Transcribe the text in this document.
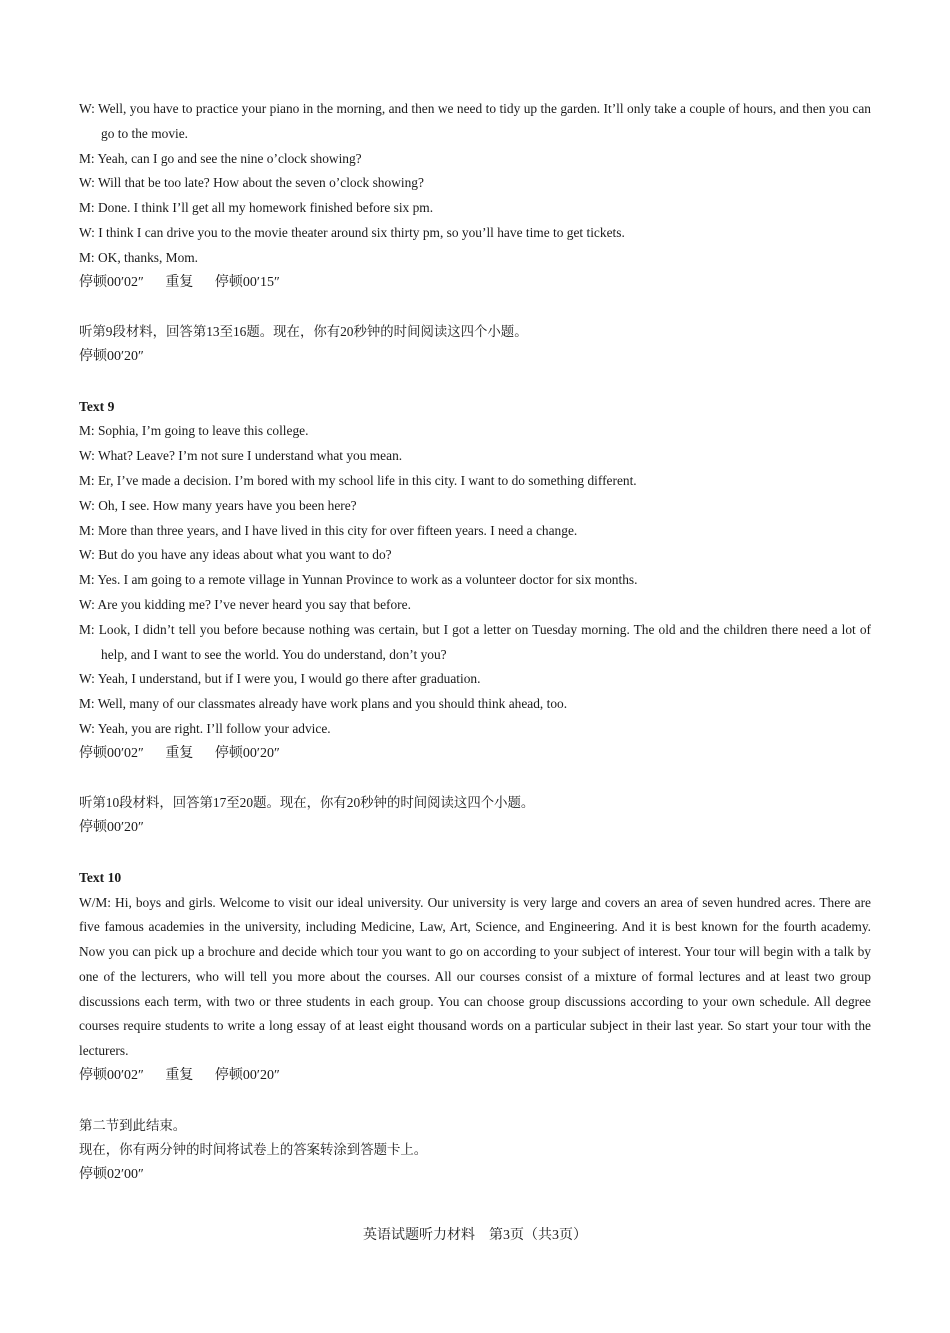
W: Well, you have to practice your piano in the morning, and then we need to tidy up the garden. It’ll only take a couple of hours, and then you can go to the movie.

M: Yeah, can I go and see the nine o’clock showing?

W: Will that be too late? How about the seven o’clock showing?

M: Done. I think I’ll get all my homework finished before six pm.

W: I think I can drive you to the movie theater around six thirty pm, so you’ll have time to get tickets.

M: OK, thanks, Mom.

停顿00′02″ 重复 停顿00′15″

听第9段材料，回答第13至16题。现在，你有20秒钟的时间阅读这四个小题。

停顿00′20″

Text 9

M: Sophia, I’m going to leave this college.

W: What? Leave? I’m not sure I understand what you mean.

M: Er, I’ve made a decision. I’m bored with my school life in this city. I want to do something different.

W: Oh, I see. How many years have you been here?

M: More than three years, and I have lived in this city for over fifteen years. I need a change.

W: But do you have any ideas about what you want to do?

M: Yes. I am going to a remote village in Yunnan Province to work as a volunteer doctor for six months.

W: Are you kidding me? I’ve never heard you say that before.

M: Look, I didn’t tell you before because nothing was certain, but I got a letter on Tuesday morning. The old and the children there need a lot of help, and I want to see the world. You do understand, don’t you?

W: Yeah, I understand, but if I were you, I would go there after graduation.

M: Well, many of our classmates already have work plans and you should think ahead, too.

W: Yeah, you are right. I’ll follow your advice.

停顿00′02″ 重复 停顿00′20″

听第10段材料，回答第17至20题。现在，你有20秒钟的时间阅读这四个小题。

停顿00′20″

Text 10

W/M: Hi, boys and girls. Welcome to visit our ideal university. Our university is very large and covers an area of seven hundred acres. There are five famous academies in the university, including Medicine, Law, Art, Science, and Engineering. And it is best known for the fourth academy. Now you can pick up a brochure and decide which tour you want to go on according to your subject of interest. Your tour will begin with a talk by one of the lecturers, who will tell you more about the courses. All our courses consist of a mixture of formal lectures and at least two group discussions each term, with two or three students in each group. You can choose group discussions according to your own schedule. All degree courses require students to write a long essay of at least eight thousand words on a particular subject in their last year. So start your tour with the lecturers.

停顿00′02″ 重复 停顿00′20″

第二节到此结束。

现在，你有两分钟的时间将试卷上的答案转涂到答题卡上。

停顿02′00″

英语试题听力材料　第3页（共3页）
